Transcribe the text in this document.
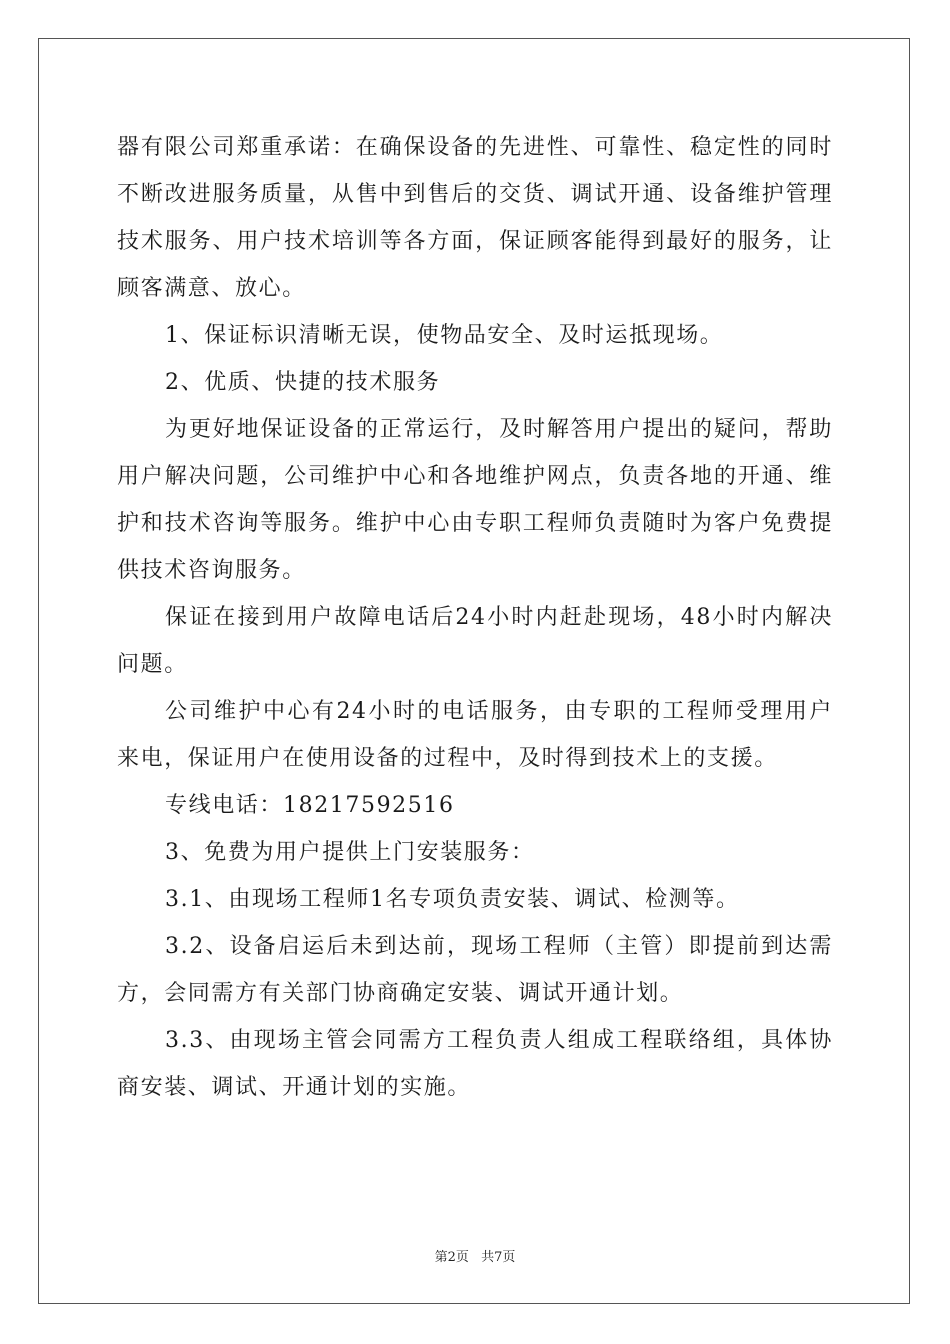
器有限公司郑重承诺：在确保设备的先进性、可靠性、稳定性的同时不断改进服务质量，从售中到售后的交货、调试开通、设备维护管理技术服务、用户技术培训等各方面，保证顾客能得到最好的服务，让顾客满意、放心。

1、保证标识清晰无误，使物品安全、及时运抵现场。

2、优质、快捷的技术服务

为更好地保证设备的正常运行，及时解答用户提出的疑问，帮助用户解决问题，公司维护中心和各地维护网点，负责各地的开通、维护和技术咨询等服务。维护中心由专职工程师负责随时为客户免费提供技术咨询服务。

保证在接到用户故障电话后24小时内赶赴现场，48小时内解决问题。

公司维护中心有24小时的电话服务，由专职的工程师受理用户来电，保证用户在使用设备的过程中，及时得到技术上的支援。

专线电话：18217592516

3、免费为用户提供上门安装服务：

3.1、由现场工程师1名专项负责安装、调试、检测等。

3.2、设备启运后未到达前，现场工程师（主管）即提前到达需方，会同需方有关部门协商确定安装、调试开通计划。

3.3、由现场主管会同需方工程负责人组成工程联络组，具体协商安装、调试、开通计划的实施。

第2页 共7页
